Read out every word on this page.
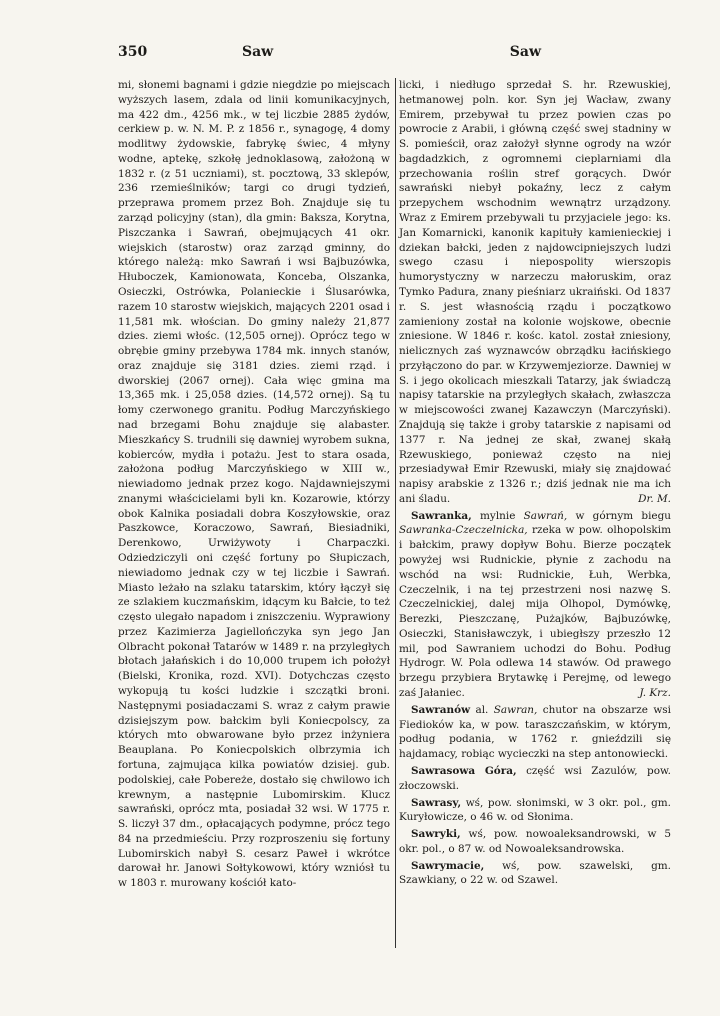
350	Saw	Saw

mi, słonemi bagnami i gdzie niegdzie po miejscach wyższych lasem, zdala od linii komunikacyjnych, ma 422 dm., 4256 mk., w tej liczbie 2885 żydów, cerkiew p. w. N. M. P. z 1856 r., synagogę, 4 domy modlitwy żydowskie, fabrykę świec, 4 młyny wodne, aptekę, szkołę jednoklasową, założoną w 1832 r. (z 51 uczniami), st. pocztową, 33 sklepów, 236 rzemieślników; targi co drugi tydzień, przeprawa promem przez Boh. Znajduje się tu zarząd policyjny (stan), dla gmin: Baksza, Korytna, Piszczanka i Sawrań, obejmujących 41 okr. wiejskich (starostw) oraz zarząd gminny, do którego należą: mko Sawrań i wsi Bajbuzówka, Hłuboczek, Kamionowata, Konceba, Olszanka, Osieczki, Ostrówka, Polanieckie i Ślusarówka, razem 10 starostw wiejskich, mających 2201 osad i 11,581 mk. włościan. Do gminy należy 21,877 dzies. ziemi włośc. (12,505 ornej). Oprócz tego w obrębie gminy przebywa 1784 mk. innych stanów, oraz znajduje się 3181 dzies. ziemi rząd. i dworskiej (2067 ornej). Cała więc gmina ma 13,365 mk. i 25,058 dzies. (14,572 ornej). Są tu łomy czerwonego granitu. Podług Marczyńskiego nad brzegami Bohu znajduje się alabaster. Mieszkańcy S. trudnili się dawniej wyrobem sukna, kobierców, mydła i potażu. Jest to stara osada, założona podług Marczyńskiego w XIII w., niewiadomo jednak przez kogo. Najdawniejszymi znanymi właścicielami byli kn. Kozarowie, którzy obok Kalnika posiadali dobra Koszyłowskie, oraz Paszkowce, Koraczowo, Sawrań, Biesiadniki, Derenkowo, Urwiżywoty i Charpaczki. Odziedziczyli oni część fortuny po Słupiczach, niewiadomo jednak czy w tej liczbie i Sawrań. Miasto leżało na szlaku tatarskim, który łączył się ze szlakiem kuczmańskim, idącym ku Bałcie, to też często ulegało napadom i zniszczeniu. Wyprawiony przez Kazimierza Jagiellończyka syn jego Jan Olbracht pokonał Tatarów w 1489 r. na przyległych błotach jałańskich i do 10,000 trupem ich położył (Bielski, Kronika, rozd. XVI). Dotychczas często wykopują tu kości ludzkie i szczątki broni. Następnymi posiadaczami S. wraz z całym prawie dzisiejszym pow. bałckim byli Koniecpolscy, za których mto obwarowane było przez inżyniera Beauplana. Po Koniecpolskich olbrzymia ich fortuna, zajmująca kilka powiatów dzisiej. gub. podolskiej, całe Pobereże, dostało się chwilowo ich krewnym, a następnie Lubomirskim. Klucz sawrański, oprócz mta, posiadał 32 wsi. W 1775 r. S. liczył 37 dm., opłacających podymne, prócz tego 84 na przedmieściu. Przy rozproszeniu się fortuny Lubomirskich nabył S. cesarz Paweł i wkrótce darował hr. Janowi Sołtykowowi, który wzniósł tu w 1803 r. murowany kościół kato-

licki, i niedługo sprzedał S. hr. Rzewuskiej, hetmanowej poln. kor. Syn jej Wacław, zwany Emirem, przebywał tu przez powien czas po powrocie z Arabii, i główną część swej stadniny w S. pomieścił, oraz założył słynne ogrody na wzór bagdadzkich, z ogromnemi cieplarniami dla przechowania roślin stref gorących. Dwór sawrański niebył pokaźny, lecz z całym przepychem wschodnim wewnątrz urządzony. Wraz z Emirem przebywali tu przyjaciele jego: ks. Jan Komarnicki, kanonik kapituły kamienieckiej i dziekan bałcki, jeden z najdowcipniejszych ludzi swego czasu i niepospolity wierszopis humorystyczny w narzeczu małoruskim, oraz Tymko Padura, znany pieśniarz ukraiński. Od 1837 r. S. jest własnością rządu i początkowo zamieniony został na kolonie wojskowe, obecnie zniesione. W 1846 r. kośc. katol. został zniesiony, nielicznych zaś wyznawców obrządku łacińskiego przyłączono do par. w Krzywemjeziorze. Dawniej w S. i jego okolicach mieszkali Tatarzy, jak świadczą napisy tatarskie na przyległych skałach, zwłaszcza w miejscowości zwanej Kazawczyn (Marczyński). Znajdują się także i groby tatarskie z napisami od 1377 r. Na jednej ze skał, zwanej skałą Rzewuskiego, ponieważ często na niej przesiadywał Emir Rzewuski, miały się znajdować napisy arabskie z 1326 r.; dziś jednak nie ma ich ani śladu.	Dr. M.

Sawranka, mylnie Sawrań, w górnym biegu Sawranka-Czeczelnicka, rzeka w pow. olhopolskim i bałckim, prawy dopływ Bohu. Bierze początek powyżej wsi Rudnickie, płynie z zachodu na wschód na wsi: Rudnickie, Łuh, Werbka, Czeczelnik, i na tej przestrzeni nosi nazwę S. Czeczelnickiej, dalej mija Olhopol, Dymówkę, Berezki, Pieszczanę, Pużajków, Bajbuzówkę, Osieczki, Stanisławczyk, i ubiegłszy przeszło 12 mil, pod Sawraniem uchodzi do Bohu. Podług Hydrogr. W. Pola odlewa 14 stawów. Od prawego brzegu przybiera Brytawkę i Perejmę, od lewego zaś Jałaniec.	J. Krz.

Sawranów al. Sawran, chutor na obszarze wsi Fiedioków ka, w pow. taraszczańskim, w którym, podług podania, w 1762 r. gnieździli się hajdamacy, robiąc wycieczki na step antonowiecki.

Sawrasowa Góra, część wsi Zazulów, pow. złoczowski.

Sawrasy, wś, pow. słonimski, w 3 okr. pol., gm. Kuryłowicze, o 46 w. od Słonima.

Sawryki, wś, pow. nowoaleksandrowski, w 5 okr. pol., o 87 w. od Nowoaleksandrowska.

Sawrymacie, wś, pow. szawelski, gm. Szawkiany, o 22 w. od Szawel.
